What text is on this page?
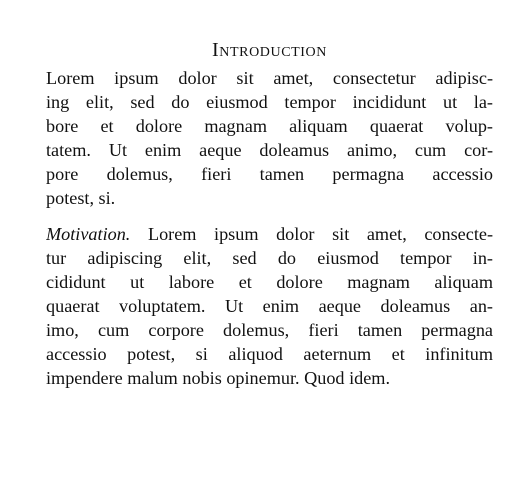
Introduction
Lorem ipsum dolor sit amet, consectetur adipisc-
ing elit, sed do eiusmod tempor incididunt ut la-
bore et dolore magnam aliquam quaerat volup-
tatem. Ut enim aeque doleamus animo, cum cor-
pore dolemus, fieri tamen permagna accessio
potest, si.
Motivation. Lorem ipsum dolor sit amet, consecte-
tur adipiscing elit, sed do eiusmod tempor in-
cididunt ut labore et dolore magnam aliquam
quaerat voluptatem. Ut enim aeque doleamus an-
imo, cum corpore dolemus, fieri tamen permagna
accessio potest, si aliquod aeternum et infinitum
impendere malum nobis opinemur. Quod idem.
